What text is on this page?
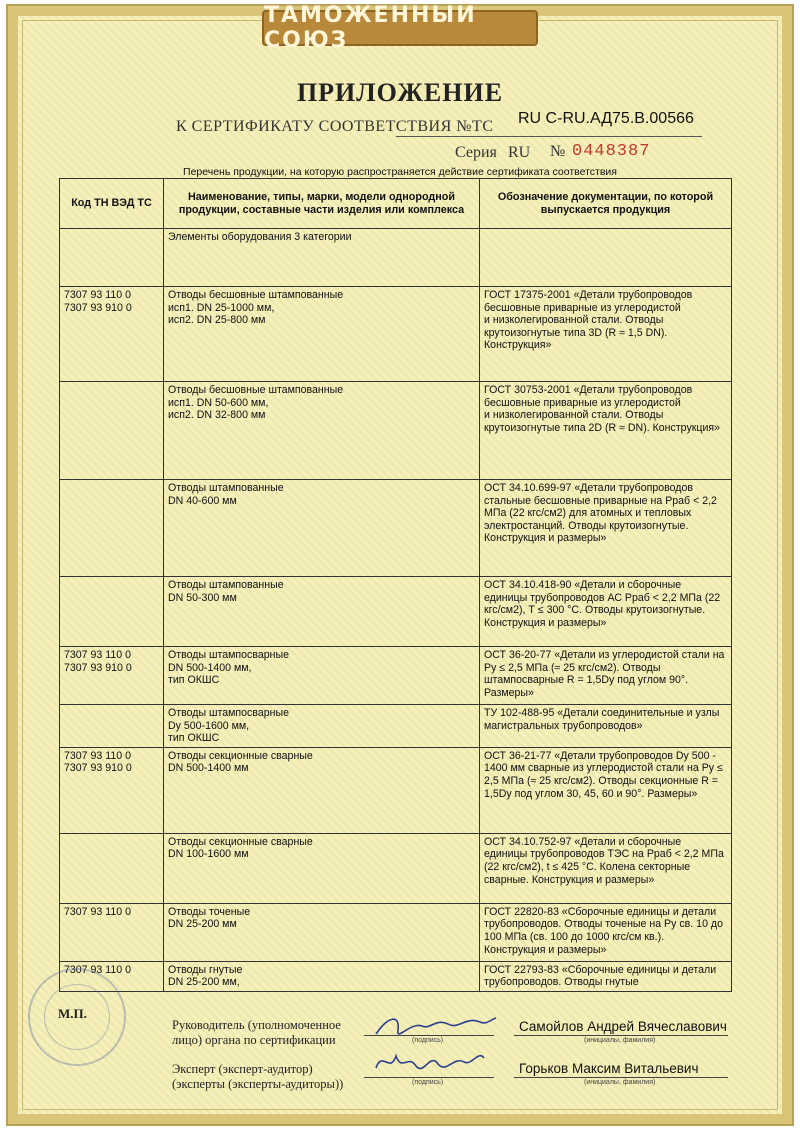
ТАМОЖЕННЫЙ СОЮЗ
ПРИЛОЖЕНИЕ
К СЕРТИФИКАТУ СООТВЕТСТВИЯ №ТС RU C-RU.АД75.В.00566
Серия RU № 0448387
Перечень продукции, на которую распространяется действие сертификата соответствия
Код ТН ВЭД ТС	Наименование, типы, марки, модели однородной продукции, составные части изделия или комплекса	Обозначение документации, по которой выпускается продукция
	Элементы оборудования 3 категории	
7307 93 110 0
7307 93 910 0	Отводы бесшовные штампованные
исп1. DN 25-1000 мм,
исп2. DN 25-800 мм	ГОСТ 17375-2001 «Детали трубопроводов бесшовные приварные из углеродистой
и низколегированной стали. Отводы крутоизогнутые типа 3D (R ≈ 1,5 DN). Конструкция»
	Отводы бесшовные штампованные
исп1. DN 50-600 мм,
исп2. DN 32-800 мм	ГОСТ 30753-2001 «Детали трубопроводов бесшовные приварные из углеродистой
и низколегированной стали. Отводы крутоизогнутые типа 2D (R ≈ DN). Конструкция»
	Отводы штампованные
DN 40-600 мм	ОСТ 34.10.699-97 «Детали трубопроводов стальные бесшовные приварные на Рраб < 2,2 МПа (22 кгс/см2) для атомных и тепловых электростанций. Отводы крутоизогнутые. Конструкция и размеры»
	Отводы штампованные
DN 50-300 мм	ОСТ 34.10.418-90 «Детали и сборочные единицы трубопроводов АС Рраб < 2,2 МПа (22 кгс/см2), Т ≤ 300 °С. Отводы крутоизогнутые. Конструкция и размеры»
7307 93 110 0
7307 93 910 0	Отводы штампосварные
DN 500-1400 мм,
тип ОКШС	ОСТ 36-20-77 «Детали из углеродистой стали на Ру ≤ 2,5 МПа (≈ 25 кгс/см2). Отводы штампосварные R = 1,5Dy под углом 90°. Размеры»
	Отводы штампосварные
Dy 500-1600 мм,
тип ОКШС	ТУ 102-488-95 «Детали соединительные и узлы магистральных трубопроводов»
7307 93 110 0
7307 93 910 0	Отводы секционные сварные
DN 500-1400 мм	ОСТ 36-21-77 «Детали трубопроводов Dy 500 - 1400 мм сварные из углеродистой стали на Ру ≤ 2,5 МПа (≈ 25 кгс/см2). Отводы секционные R = 1,5Dy под углом 30, 45, 60 и 90°. Размеры»
	Отводы секционные сварные
DN 100-1600 мм	ОСТ 34.10.752-97 «Детали и сборочные единицы трубопроводов ТЭС на Рраб < 2,2 МПа (22 кгс/см2), t ≤ 425 °С. Колена секторные сварные. Конструкция и размеры»
7307 93 110 0	Отводы точеные
DN 25-200 мм	ГОСТ 22820-83 «Сборочные единицы и детали трубопроводов. Отводы точеные на Ру св. 10 до 100 МПа (св. 100 до 1000 кгс/см кв.). Конструкция и размеры»
7307 93 110 0	Отводы гнутые
DN 25-200 мм,	ГОСТ 22793-83 «Сборочные единицы и детали трубопроводов. Отводы гнутые
М.П.
Руководитель (уполномоченное
лицо) органа по сертификации	(подпись)
Самойлов Андрей Вячеславович
(инициалы, фамилия)
Эксперт (эксперт-аудитор)
(эксперты (эксперты-аудиторы))	(подпись)
Горьков Максим Витальевич
(инициалы, фамилия)
